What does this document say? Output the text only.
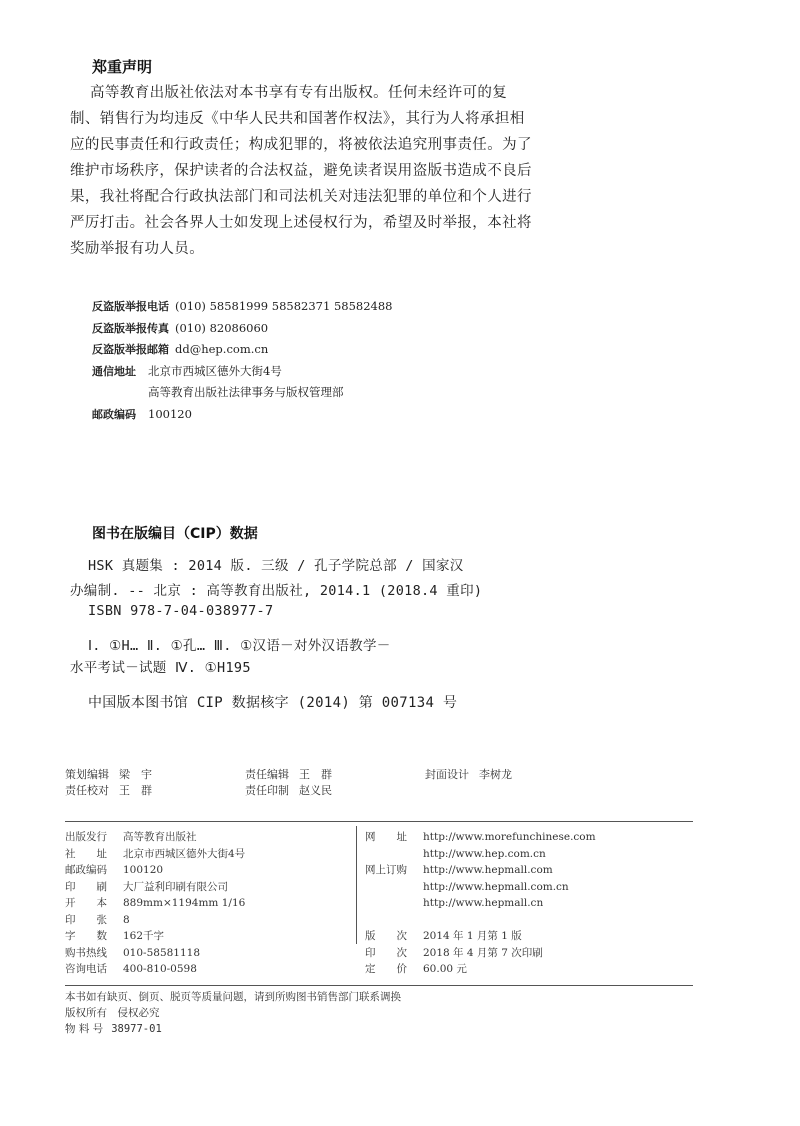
郑重声明
高等教育出版社依法对本书享有专有出版权。任何未经许可的复
制、销售行为均违反《中华人民共和国著作权法》，其行为人将承担相
应的民事责任和行政责任；构成犯罪的，将被依法追究刑事责任。为了
维护市场秩序，保护读者的合法权益，避免读者误用盗版书造成不良后
果，我社将配合行政执法部门和司法机关对违法犯罪的单位和个人进行
严厉打击。社会各界人士如发现上述侵权行为，希望及时举报，本社将
奖励举报有功人员。
反盗版举报电话 (010) 58581999 58582371 58582488
反盗版举报传真 (010) 82086060
反盗版举报邮箱 dd@hep.com.cn
通信地址 北京市西城区德外大街4号
高等教育出版社法律事务与版权管理部
邮政编码 100120
图书在版编目（CIP）数据
HSK 真题集 : 2014 版. 三级 / 孔子学院总部 / 国家汉
办编制. -- 北京 : 高等教育出版社, 2014.1 (2018.4 重印)
ISBN 978-7-04-038977-7
Ⅰ. ①H… Ⅱ. ①孔… Ⅲ. ①汉语－对外汉语教学－
水平考试－试题 Ⅳ. ①H195
中国版本图书馆 CIP 数据核字 (2014) 第 007134 号
策划编辑 梁　宇	责任编辑 王　群	封面设计 李树龙
责任校对 王　群	责任印制 赵义民
出版发行 高等教育出版社
社　　址 北京市西城区德外大街4号
邮政编码 100120
印　　刷 大厂益利印刷有限公司
开　　本 889mm×1194mm 1/16
印　　张 8
字　　数 162千字
购书热线 010-58581118
咨询电话 400-810-0598
网　　址 http://www.morefunchinese.com
http://www.hep.com.cn
网上订购 http://www.hepmall.com
http://www.hepmall.com.cn
http://www.hepmall.cn
版　　次 2014 年 1 月第 1 版
印　　次 2018 年 4 月第 7 次印刷
定　　价 60.00 元
本书如有缺页、倒页、脱页等质量问题，请到所购图书销售部门联系调换
版权所有　侵权必究
物 料 号 38977-01
